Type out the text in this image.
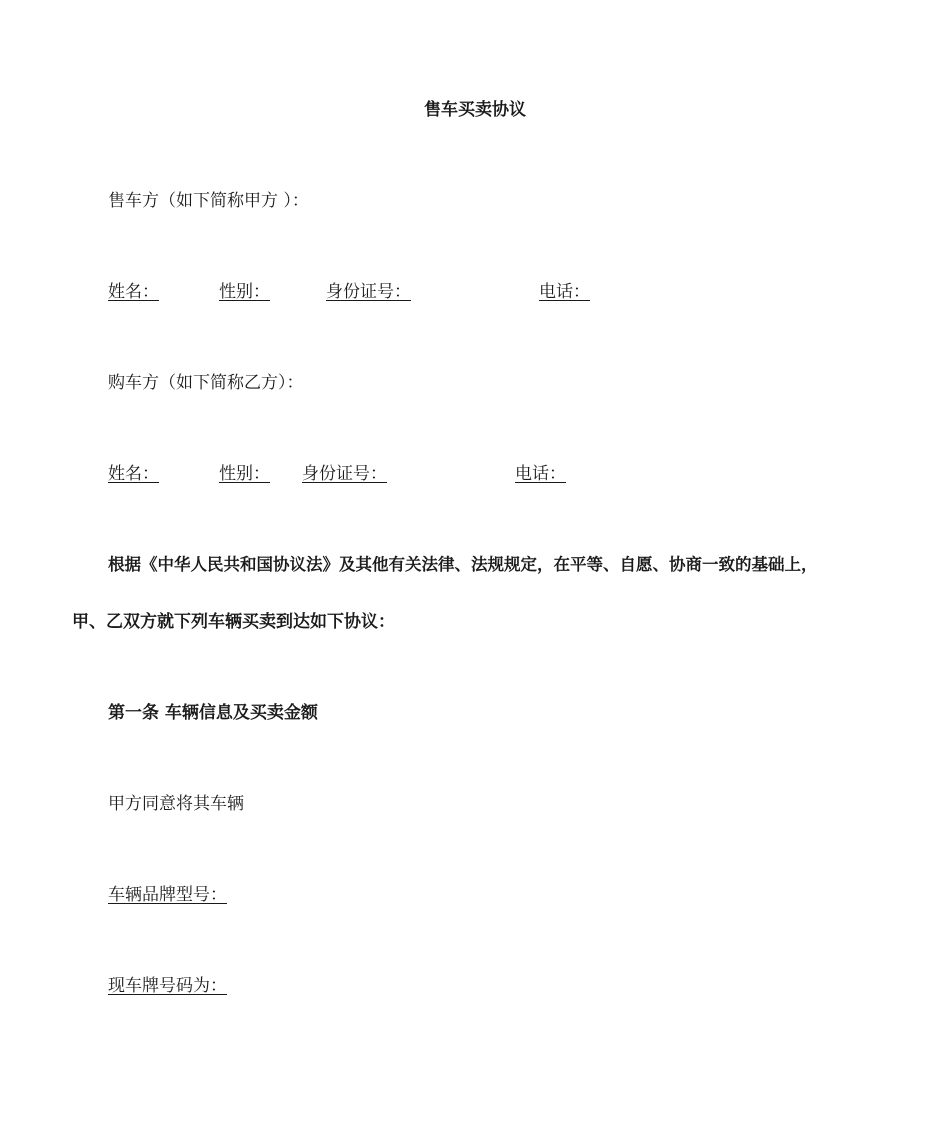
售车买卖协议
售车方（如下简称甲方 ）：
姓名：	性别：	身份证号：	电话：
购车方（如下简称乙方）：
姓名：	性别： 身份证号：	电话：
根据《中华人民共和国协议法》及其他有关法律、法规规定，在平等、自愿、协商一致的基础上，
甲、乙双方就下列车辆买卖到达如下协议：
第一条 车辆信息及买卖金额
甲方同意将其车辆
车辆品牌型号：
现车牌号码为：
